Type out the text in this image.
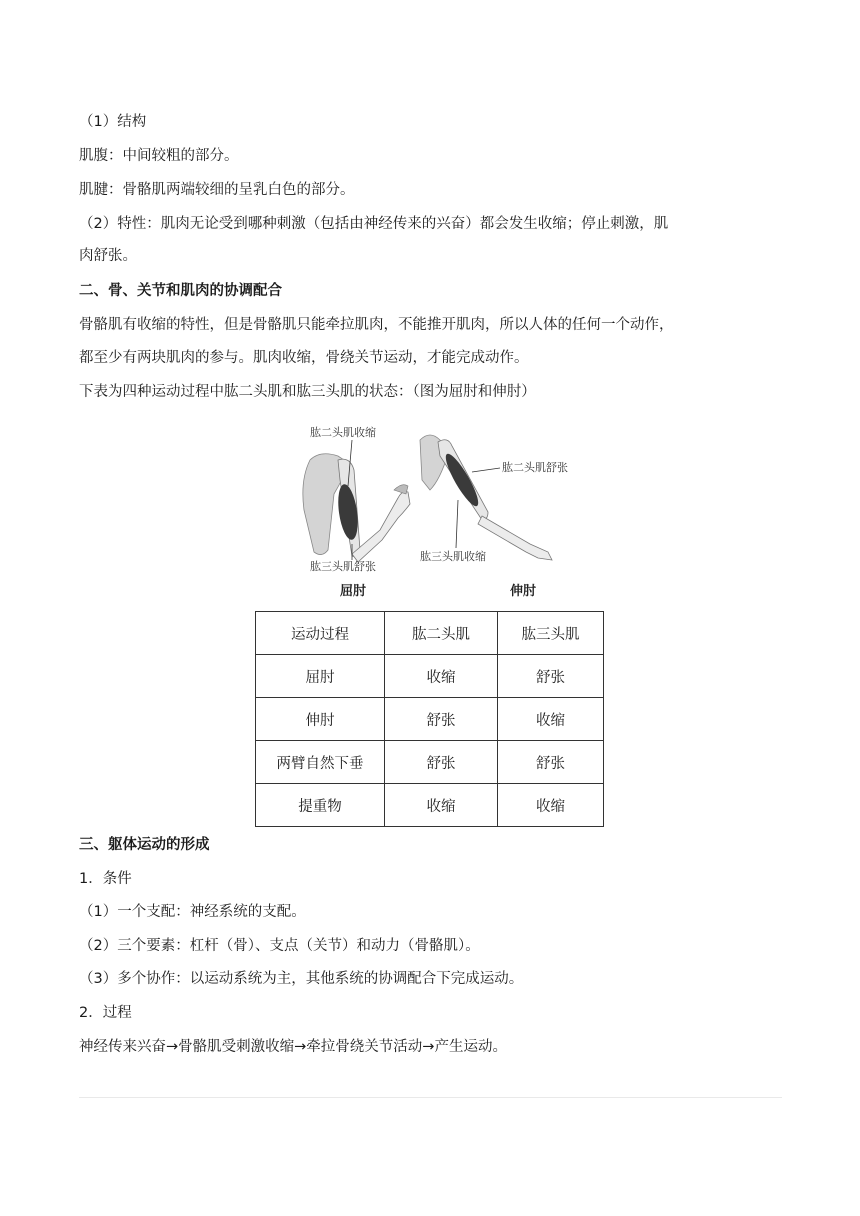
（1）结构
肌腹：中间较粗的部分。
肌腱：骨骼肌两端较细的呈乳白色的部分。
（2）特性：肌肉无论受到哪种刺激（包括由神经传来的兴奋）都会发生收缩；停止刺激，肌
肉舒张。
二、骨、关节和肌肉的协调配合
骨骼肌有收缩的特性，但是骨骼肌只能牵拉肌肉，不能推开肌肉，所以人体的任何一个动作，
都至少有两块肌肉的参与。肌肉收缩，骨绕关节运动，才能完成动作。
下表为四种运动过程中肱二头肌和肱三头肌的状态：（图为屈肘和伸肘）
肱二头肌收缩
肱三头肌舒张
屈肘
肱二头肌舒张
肱三头肌收缩
伸肘
运动过程	肱二头肌	肱三头肌
屈肘	收缩	舒张
伸肘	舒张	收缩
两臂自然下垂	舒张	舒张
提重物	收缩	收缩
三、躯体运动的形成
1．条件
（1）一个支配：神经系统的支配。
（2）三个要素：杠杆（骨）、支点（关节）和动力（骨骼肌）。
（3）多个协作：以运动系统为主，其他系统的协调配合下完成运动。
2．过程
神经传来兴奋→骨骼肌受刺激收缩→牵拉骨绕关节活动→产生运动。
